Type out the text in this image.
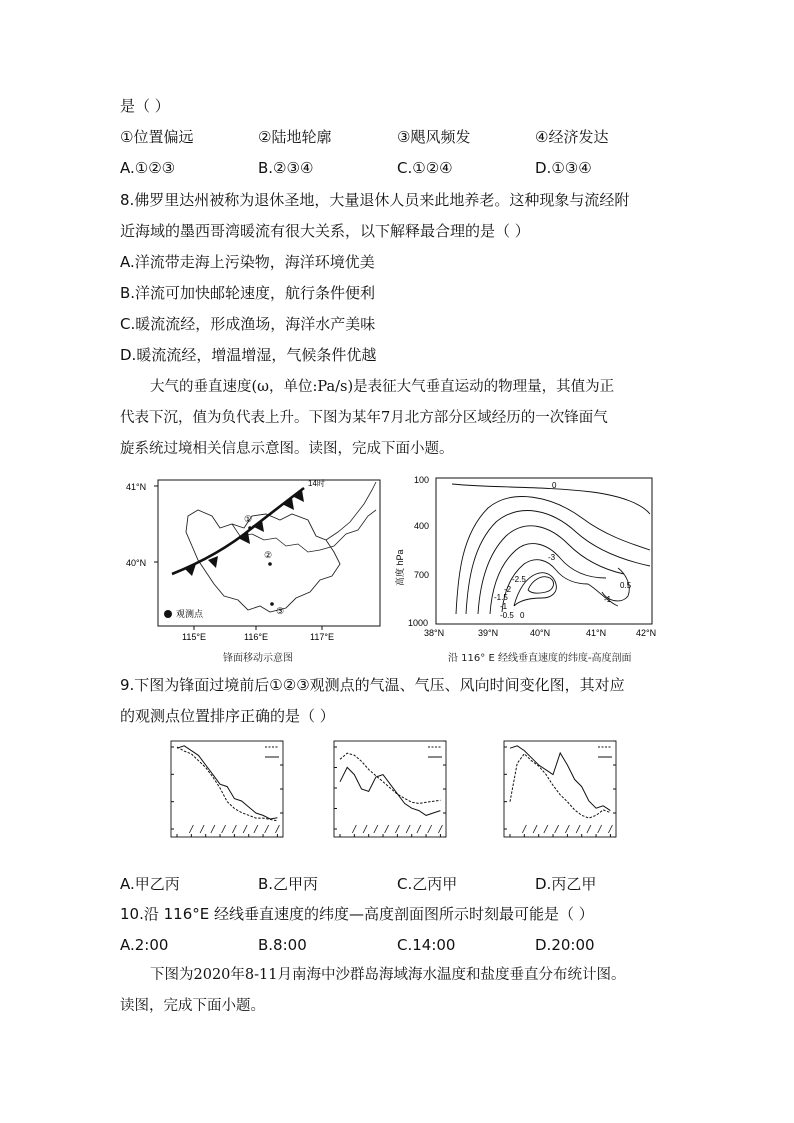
是（ ）
①位置偏远	②陆地轮廓	③飓风频发	④经济发达
A.①②③	B.②③④	C.①②④	D.①③④
8.佛罗里达州被称为退休圣地，大量退休人员来此地养老。这种现象与流经附
近海域的墨西哥湾暖流有很大关系，以下解释最合理的是（ ）
A.洋流带走海上污染物，海洋环境优美
B.洋流可加快邮轮速度，航行条件便利
C.暖流流经，形成渔场，海洋水产美味
D.暖流流经，增温增湿，气候条件优越
大气的垂直速度(ω，单位:Pa/s)是表征大气垂直运动的物理量，其值为正
代表下沉，值为负代表上升。下图为某年7月北方部分区域经历的一次锋面气
旋系统过境相关信息示意图。读图，完成下面小题。
41°N
40°N
115°E	116°E	117°E
14时
①
②
③
观测点
锋面移动示意图
100
400
700
1000
高度 hPa
38°N	39°N	40°N	41°N	42°N
0
-3
-2.5
-2
-1.5
-1
-0.5 0
0.5
-1
沿 116° E 经线垂直速度的纬度-高度剖面
9.下图为锋面过境前后①②③观测点的气温、气压、风向时间变化图，其对应
的观测点位置排序正确的是（ ）
A.甲乙丙	B.乙甲丙	C.乙丙甲	D.丙乙甲
10.沿 116°E 经线垂直速度的纬度—高度剖面图所示时刻最可能是（ ）
A.2:00	B.8:00	C.14:00	D.20:00
下图为2020年8-11月南海中沙群岛海域海水温度和盐度垂直分布统计图。
读图，完成下面小题。
